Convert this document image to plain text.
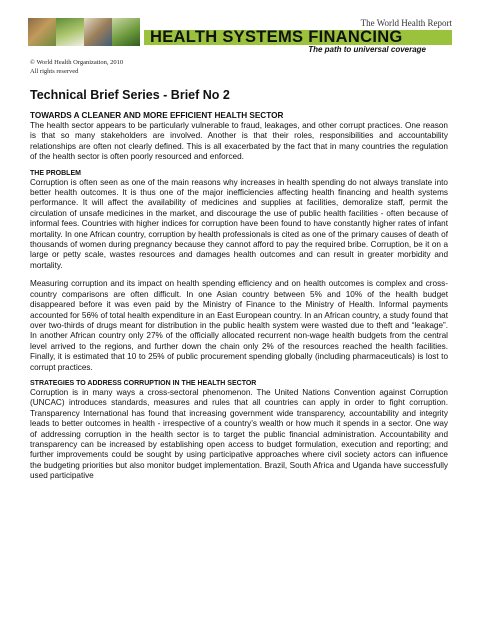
The World Health Report
HEALTH SYSTEMS FINANCING
The path to universal coverage
© World Health Organization, 2010
All rights reserved
Technical Brief Series - Brief No 2

TOWARDS A CLEANER AND MORE EFFICIENT HEALTH SECTOR

The health sector appears to be particularly vulnerable to fraud, leakages, and other corrupt practices. One reason is that so many stakeholders are involved. Another is that their roles, responsibilities and accountability relationships are often not clearly defined. This is all exacerbated by the fact that in many countries the regulation of the health sector is often poorly resourced and enforced.

THE PROBLEM

Corruption is often seen as one of the main reasons why increases in health spending do not always translate into better health outcomes. It is thus one of the major inefficiencies affecting health financing and health systems performance. It will affect the availability of medicines and supplies at facilities, demoralize staff, permit the circulation of unsafe medicines in the market, and discourage the use of public health facilities - often because of informal fees. Countries with higher indices for corruption have been found to have constantly higher rates of infant mortality. In one African country, corruption by health professionals is cited as one of the primary causes of death of thousands of women during pregnancy because they cannot afford to pay the required bribe. Corruption, be it on a large or petty scale, wastes resources and damages health outcomes and can result in greater morbidity and mortality.

Measuring corruption and its impact on health spending efficiency and on health outcomes is complex and cross-country comparisons are often difficult. In one Asian country between 5% and 10% of the health budget disappeared before it was even paid by the Ministry of Finance to the Ministry of Health. Informal payments accounted for 56% of total health expenditure in an East European country. In an African country, a study found that over two-thirds of drugs meant for distribution in the public health system were wasted due to theft and “leakage”. In another African country only 27% of the officially allocated recurrent non-wage health budgets from the central level arrived to the regions, and further down the chain only 2% of the resources reached the health facilities. Finally, it is estimated that 10 to 25% of public procurement spending globally (including pharmaceuticals) is lost to corrupt practices.

STRATEGIES TO ADDRESS CORRUPTION IN THE HEALTH SECTOR

Corruption is in many ways a cross-sectoral phenomenon. The United Nations Convention against Corruption (UNCAC) introduces standards, measures and rules that all countries can apply in order to fight corruption. Transparency International has found that increasing government wide transparency, accountability and integrity leads to better outcomes in health - irrespective of a country’s wealth or how much it spends in a sector. One way of addressing corruption in the health sector is to target the public financial administration. Accountability and transparency can be increased by establishing open access to budget formulation, execution and reporting; and further improvements could be sought by using participative approaches where civil society actors can influence the budgeting priorities but also monitor budget implementation. Brazil, South Africa and Uganda have successfully used participative
